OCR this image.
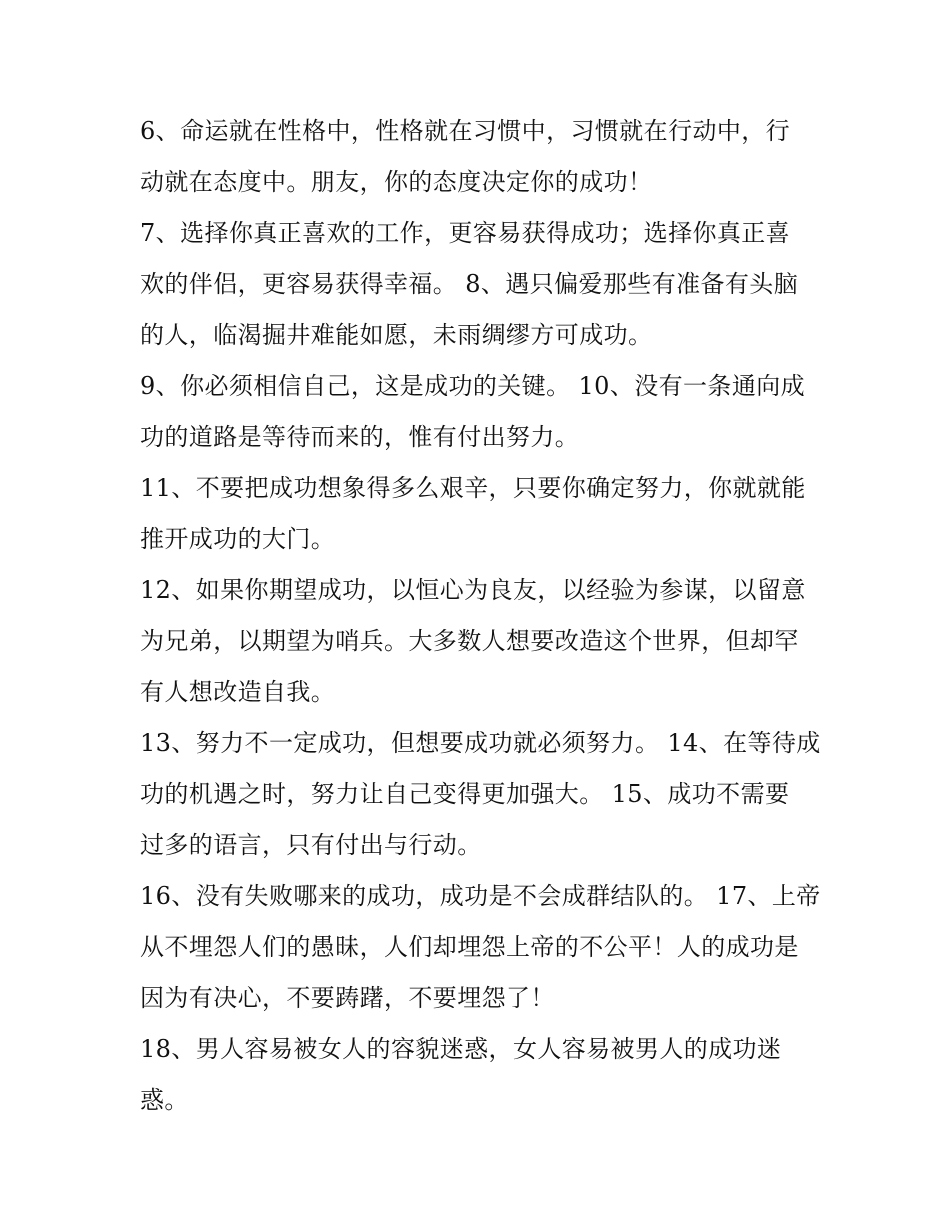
6、命运就在性格中，性格就在习惯中，习惯就在行动中，行
动就在态度中。朋友，你的态度决定你的成功！

7、选择你真正喜欢的工作，更容易获得成功；选择你真正喜
欢的伴侣，更容易获得幸福。 8、遇只偏爱那些有准备有头脑
的人，临渴掘井难能如愿，未雨绸缪方可成功。

9、你必须相信自己，这是成功的关键。 10、没有一条通向成
功的道路是等待而来的，惟有付出努力。

11、不要把成功想象得多么艰辛，只要你确定努力，你就就能
推开成功的大门。

12、如果你期望成功，以恒心为良友，以经验为参谋，以留意
为兄弟，以期望为哨兵。大多数人想要改造这个世界，但却罕
有人想改造自我。

13、努力不一定成功，但想要成功就必须努力。 14、在等待成
功的机遇之时，努力让自己变得更加强大。 15、成功不需要
过多的语言，只有付出与行动。

16、没有失败哪来的成功，成功是不会成群结队的。 17、上帝
从不埋怨人们的愚昧，人们却埋怨上帝的不公平！人的成功是
因为有决心，不要踌躇，不要埋怨了！

18、男人容易被女人的容貌迷惑，女人容易被男人的成功迷
惑。
